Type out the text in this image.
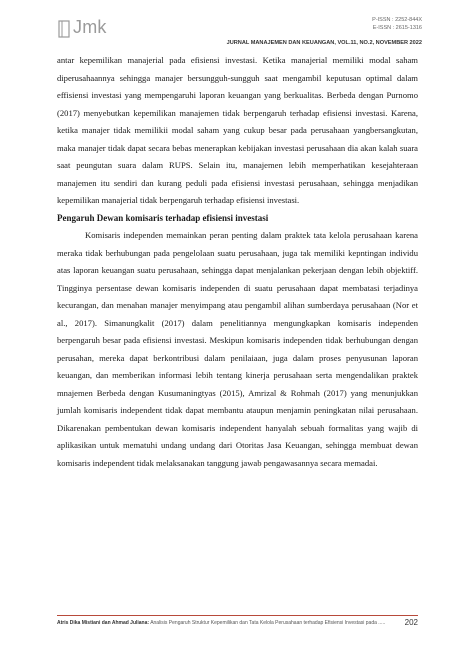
Jmk	P-ISSN : 2252-844X
E-ISSN : 2615-1316
JURNAL MANAJEMEN DAN KEUANGAN, VOL.11, NO.2, NOVEMBER 2022

antar kepemilikan manajerial pada efisiensi investasi. Ketika manajerial memiliki modal saham diperusahaannya sehingga manajer bersungguh-sungguh saat mengambil keputusan optimal dalam effisiensi investasi yang mempengaruhi laporan keuangan yang berkualitas. Berbeda dengan Purnomo (2017) menyebutkan kepemilikan manajemen tidak berpengaruh terhadap efisiensi investasi. Karena, ketika manajer tidak memilikii modal saham yang cukup besar pada perusahaan yangbersangkutan, maka manajer tidak dapat secara bebas menerapkan kebijakan investasi perusahaan dia akan kalah suara saat peungutan suara dalam RUPS. Selain itu, manajemen lebih memperhatikan kesejahteraan manajemen itu sendiri dan kurang peduli pada efisiensi investasi perusahaan, sehingga menjadikan kepemilikan manajerial tidak berpengaruh terhadap efisiensi investasi.

Pengaruh Dewan komisaris terhadap efisiensi investasi

Komisaris independen memainkan peran penting dalam praktek tata kelola perusahaan karena meraka tidak berhubungan pada pengelolaan suatu perusahaan, juga tak memiliki kepntingan individu atas laporan keuangan suatu perusahaan, sehingga dapat menjalankan pekerjaan dengan lebih objektiff. Tingginya persentase dewan komisaris independen di suatu perusahaan dapat membatasi terjadinya kecurangan, dan menahan manajer menyimpang atau pengambil alihan sumberdaya perusahaan (Nor et al., 2017). Simanungkalit (2017) dalam penelitiannya mengungkapkan komisaris independen berpengaruh besar pada efisiensi investasi. Meskipun komisaris independen tidak berhubungan dengan perusahan, mereka dapat berkontribusi dalam penilaiaan, juga dalam proses penyusunan laporan keuangan, dan memberikan informasi lebih tentang kinerja perusahaan serta mengendalikan praktek mnajemen Berbeda dengan Kusumaningtyas (2015), Amrizal & Rohmah (2017) yang menunjukkan jumlah komisaris independent tidak dapat membantu ataupun menjamin peningkatan nilai perusahaan. Dikarenakan pembentukan dewan komisaris independent hanyalah sebuah formalitas yang wajib di aplikasikan untuk mematuhi undang undang dari Otoritas Jasa Keuangan, sehingga membuat dewan komisaris independent tidak melaksanakan tanggung jawab pengawasannya secara memadai.

Atris Dika Mistiani dan Ahmad Juliana: Analisis Pengaruh Struktur Kepemilikan dan Tata Kelola Perusahaan terhadap Efisiensi Investasi pada ..... 202
